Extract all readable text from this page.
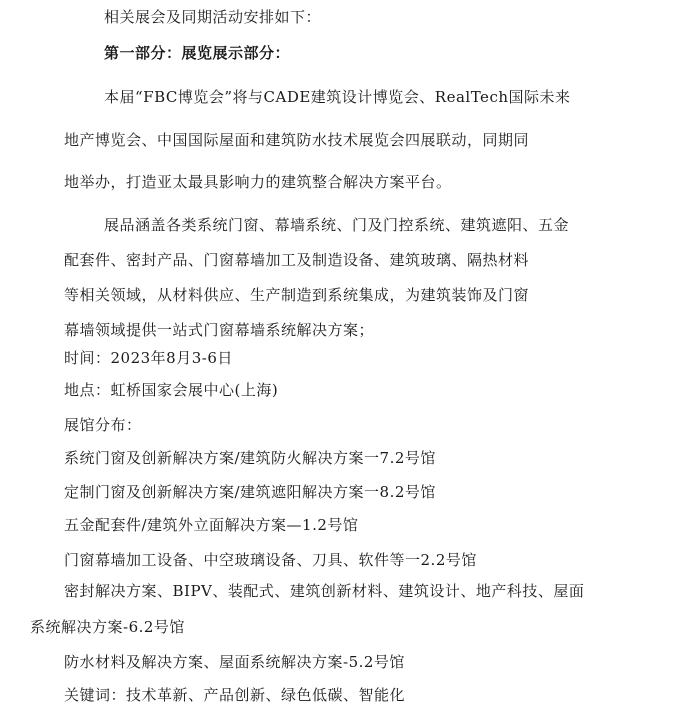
相关展会及同期活动安排如下：
第一部分：展览展示部分：
本届“FBC博览会”将与CADE建筑设计博览会、RealTech国际未来
地产博览会、中国国际屋面和建筑防水技术展览会四展联动，同期同
地举办，打造亚太最具影响力的建筑整合解决方案平台。
展品涵盖各类系统门窗、幕墙系统、门及门控系统、建筑遮阳、五金
配套件、密封产品、门窗幕墙加工及制造设备、建筑玻璃、隔热材料
等相关领域，从材料供应、生产制造到系统集成，为建筑装饰及门窗
幕墙领域提供一站式门窗幕墙系统解决方案；
时间：2023年8月3-6日
地点：虹桥国家会展中心(上海)
展馆分布：
系统门窗及创新解决方案/建筑防火解决方案一7.2号馆
定制门窗及创新解决方案/建筑遮阳解决方案一8.2号馆
五金配套件/建筑外立面解决方案—1.2号馆
门窗幕墙加工设备、中空玻璃设备、刀具、软件等一2.2号馆
密封解决方案、BIPV、装配式、建筑创新材料、建筑设计、地产科技、屋面
系统解决方案-6.2号馆
防水材料及解决方案、屋面系统解决方案-5.2号馆
关键词：技术革新、产品创新、绿色低碳、智能化
